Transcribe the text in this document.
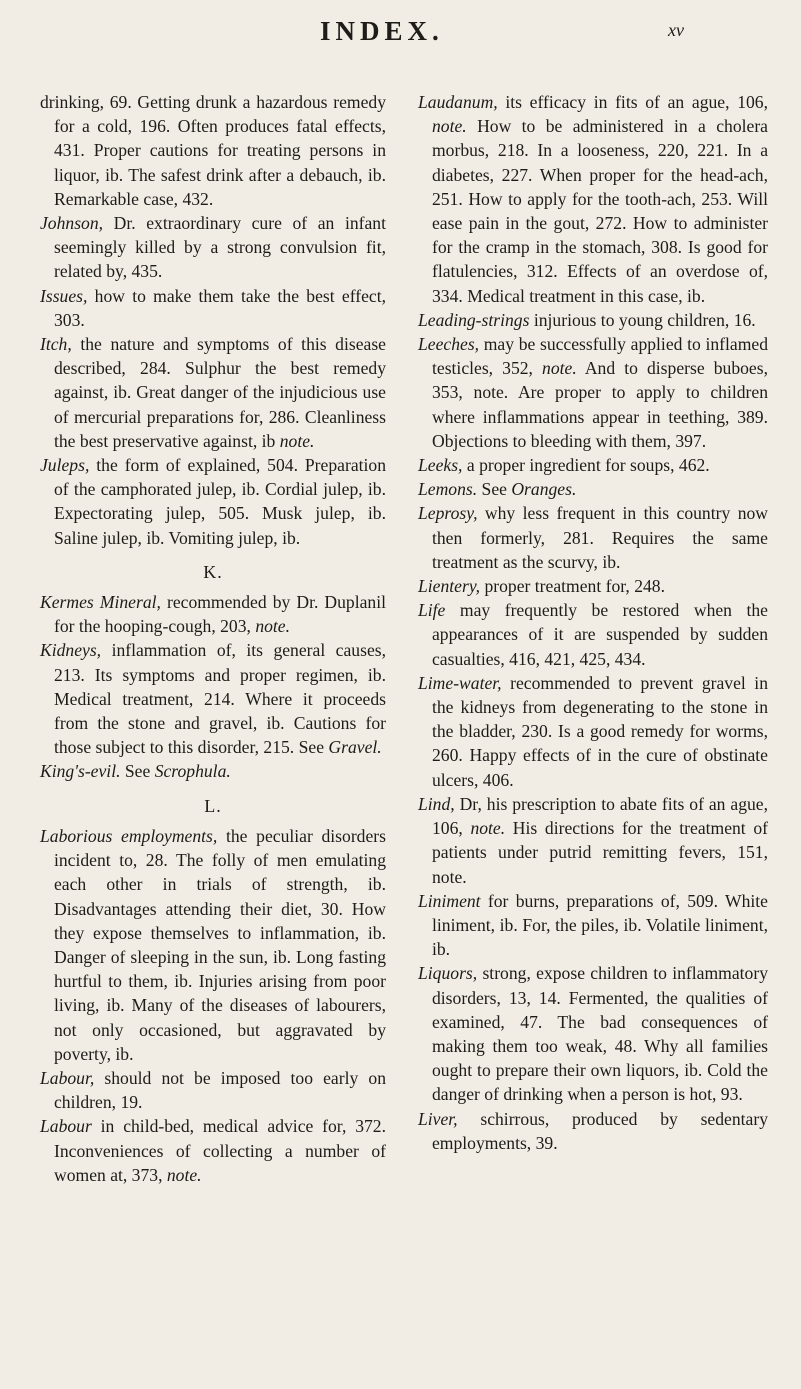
INDEX.	xv

drinking, 69. Getting drunk a hazardous remedy for a cold, 196. Often produces fatal effects, 431. Proper cautions for treating persons in liquor, ib. The safest drink after a debauch, ib. Remarkable case, 432.

Johnson, Dr. extraordinary cure of an infant seemingly killed by a strong convulsion fit, related by, 435.

Issues, how to make them take the best effect, 303.

Itch, the nature and symptoms of this disease described, 284. Sulphur the best remedy against, ib. Great danger of the injudicious use of mercurial preparations for, 286. Cleanliness the best preservative against, ib note.

Juleps, the form of explained, 504. Preparation of the camphorated julep, ib. Cordial julep, ib. Expectorating julep, 505. Musk julep, ib. Saline julep, ib. Vomiting julep, ib.

K.

Kermes Mineral, recommended by Dr. Duplanil for the hooping-cough, 203, note.

Kidneys, inflammation of, its general causes, 213. Its symptoms and proper regimen, ib. Medical treatment, 214. Where it proceeds from the stone and gravel, ib. Cautions for those subject to this disorder, 215. See Gravel.

King's-evil. See Scrophula.

L.

Laborious employments, the peculiar disorders incident to, 28. The folly of men emulating each other in trials of strength, ib. Disadvantages attending their diet, 30. How they expose themselves to inflammation, ib. Danger of sleeping in the sun, ib. Long fasting hurtful to them, ib. Injuries arising from poor living, ib. Many of the diseases of labourers, not only occasioned, but aggravated by poverty, ib.

Labour, should not be imposed too early on children, 19.

Labour in child-bed, medical advice for, 372. Inconveniences of collecting a number of women at, 373, note.

Laudanum, its efficacy in fits of an ague, 106, note. How to be administered in a cholera morbus, 218. In a looseness, 220, 221. In a diabetes, 227. When proper for the head-ach, 251. How to apply for the tooth-ach, 253. Will ease pain in the gout, 272. How to administer for the cramp in the stomach, 308. Is good for flatulencies, 312. Effects of an overdose of, 334. Medical treatment in this case, ib.

Leading-strings injurious to young children, 16.

Leeches, may be successfully applied to inflamed testicles, 352, note. And to disperse buboes, 353, note. Are proper to apply to children where inflammations appear in teething, 389. Objections to bleeding with them, 397.

Leeks, a proper ingredient for soups, 462.

Lemons. See Oranges.

Leprosy, why less frequent in this country now then formerly, 281. Requires the same treatment as the scurvy, ib.

Lientery, proper treatment for, 248.

Life may frequently be restored when the appearances of it are suspended by sudden casualties, 416, 421, 425, 434.

Lime-water, recommended to prevent gravel in the kidneys from degenerating to the stone in the bladder, 230. Is a good remedy for worms, 260. Happy effects of in the cure of obstinate ulcers, 406.

Lind, Dr, his prescription to abate fits of an ague, 106, note. His directions for the treatment of patients under putrid remitting fevers, 151, note.

Liniment for burns, preparations of, 509. White liniment, ib. For, the piles, ib. Volatile liniment, ib.

Liquors, strong, expose children to inflammatory disorders, 13, 14. Fermented, the qualities of examined, 47. The bad consequences of making them too weak, 48. Why all families ought to prepare their own liquors, ib. Cold the danger of drinking when a person is hot, 93.

Liver, schirrous, produced by sedentary employments, 39.
